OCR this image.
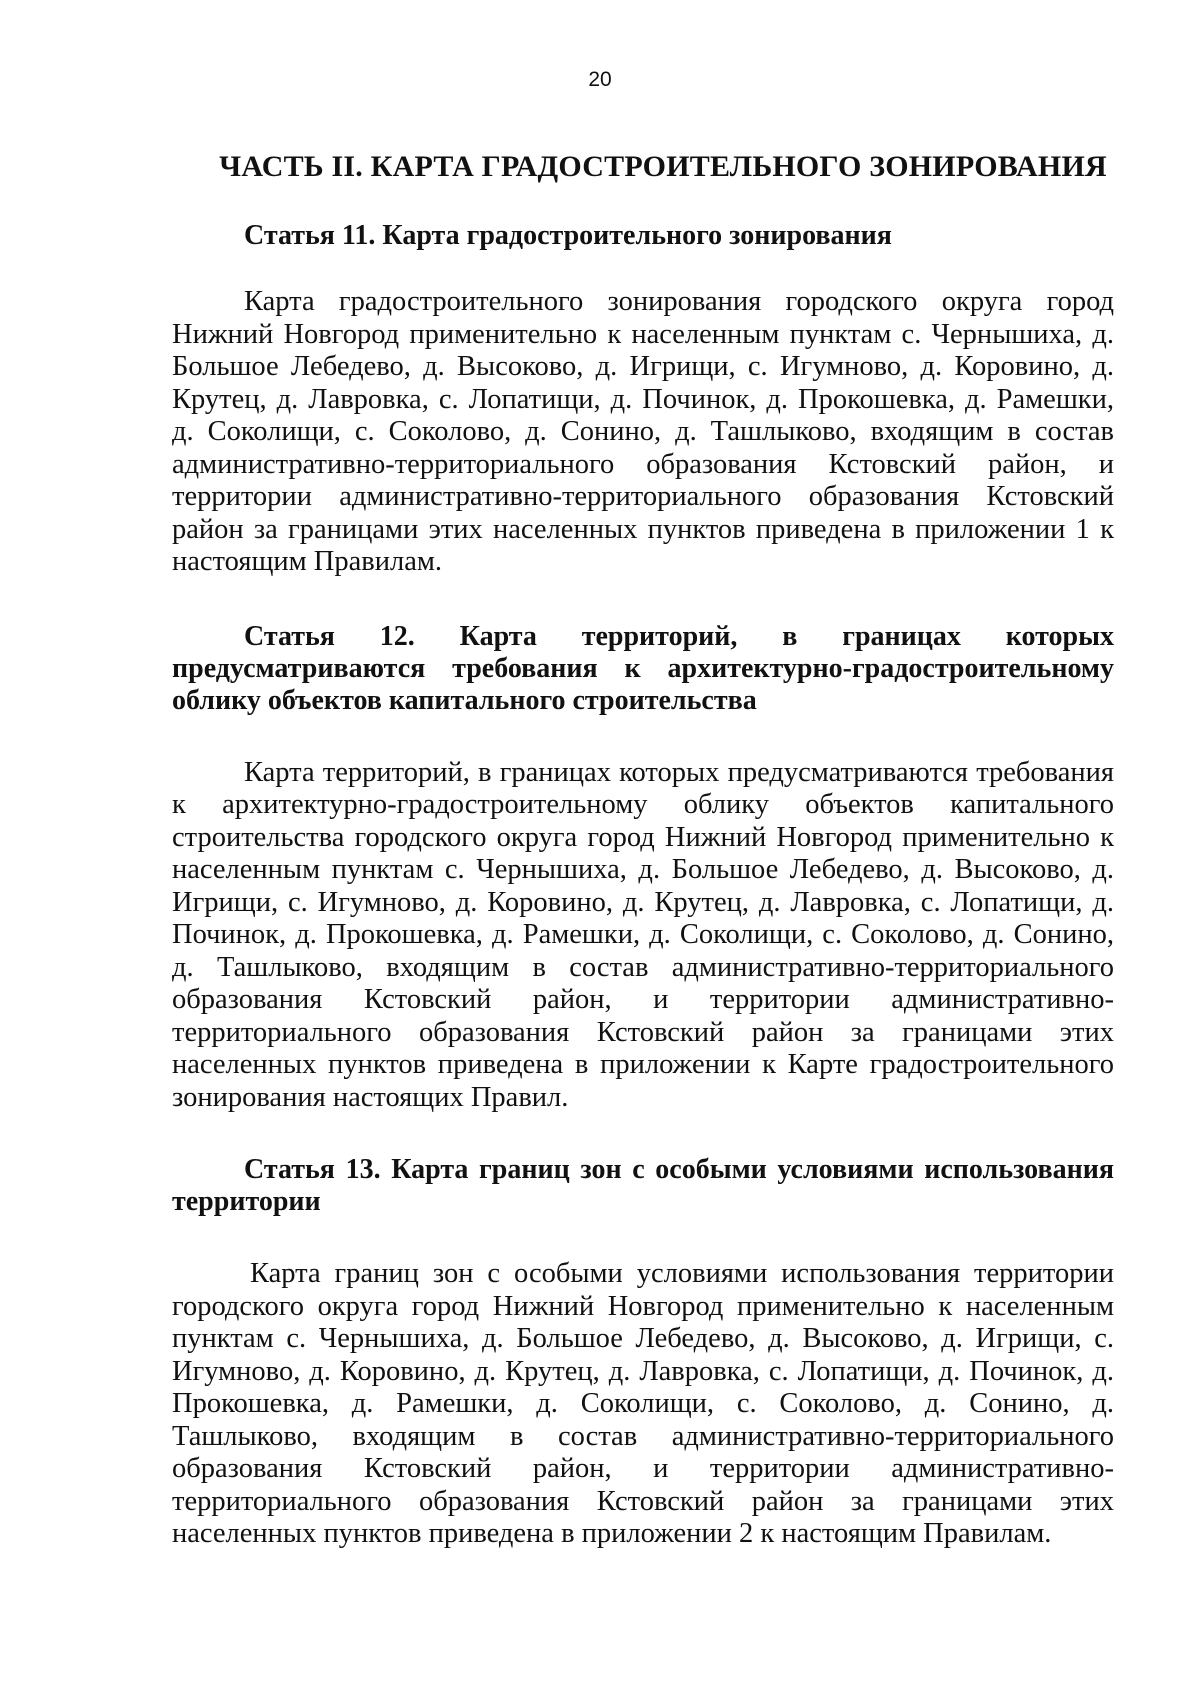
20
ЧАСТЬ II. КАРТА ГРАДОСТРОИТЕЛЬНОГО ЗОНИРОВАНИЯ
Статья 11. Карта градостроительного зонирования

Карта градостроительного зонирования городского округа город Нижний Новгород применительно к населенным пунктам с. Чернышиха, д. Большое Лебедево, д. Высоково, д. Игрищи, с. Игумново, д. Коровино, д. Крутец, д. Лавровка, с. Лопатищи, д. Починок, д. Прокошевка, д. Рамешки, д. Соколищи, с. Соколово, д. Сонино, д. Ташлыково, входящим в состав административно-территориального образования Кстовский район, и территории административно-территориального образования Кстовский район за границами этих населенных пунктов приведена в приложении 1 к настоящим Правилам.

Статья 12. Карта территорий, в границах которых предусматриваются требования к архитектурно-градостроительному облику объектов капитального строительства

Карта территорий, в границах которых предусматриваются требования к архитектурно-градостроительному облику объектов капитального строительства городского округа город Нижний Новгород применительно к населенным пунктам с. Чернышиха, д. Большое Лебедево, д. Высоково, д. Игрищи, с. Игумново, д. Коровино, д. Крутец, д. Лавровка, с. Лопатищи, д. Починок, д. Прокошевка, д. Рамешки, д. Соколищи, с. Соколово, д. Сонино, д. Ташлыково, входящим в состав административно-территориального образования Кстовский район, и территории административно-территориального образования Кстовский район за границами этих населенных пунктов приведена в приложении к Карте градостроительного зонирования настоящих Правил.

Статья 13. Карта границ зон с особыми условиями использования территории

Карта границ зон с особыми условиями использования территории городского округа город Нижний Новгород применительно к населенным пунктам с. Чернышиха, д. Большое Лебедево, д. Высоково, д. Игрищи, с. Игумново, д. Коровино, д. Крутец, д. Лавровка, с. Лопатищи, д. Починок, д. Прокошевка, д. Рамешки, д. Соколищи, с. Соколово, д. Сонино, д. Ташлыково, входящим в состав административно-территориального образования Кстовский район, и территории административно-территориального образования Кстовский район за границами этих населенных пунктов приведена в приложении 2 к настоящим Правилам.
